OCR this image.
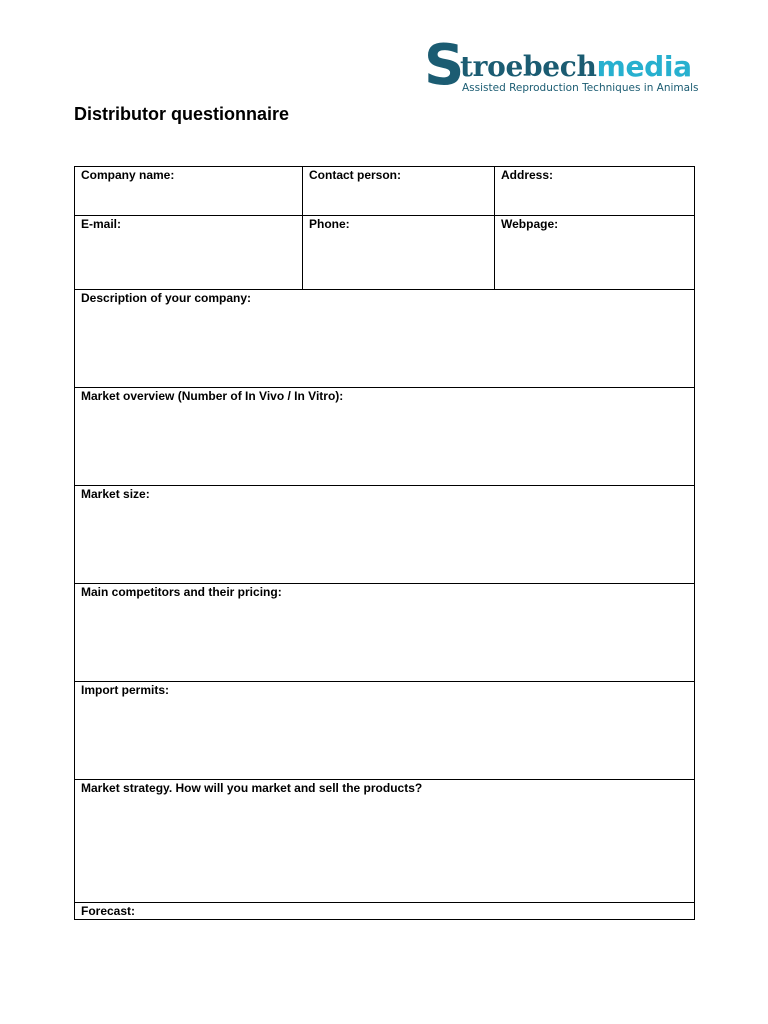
S
troebechmedia
Assisted Reproduction Techniques in Animals
Distributor questionnaire
Company name:	Contact person:	Address:
E-mail:	Phone:	Webpage:
Description of your company:
Market overview (Number of In Vivo / In Vitro):
Market size:
Main competitors and their pricing:
Import permits:
Market strategy. How will you market and sell the products?
Forecast:
